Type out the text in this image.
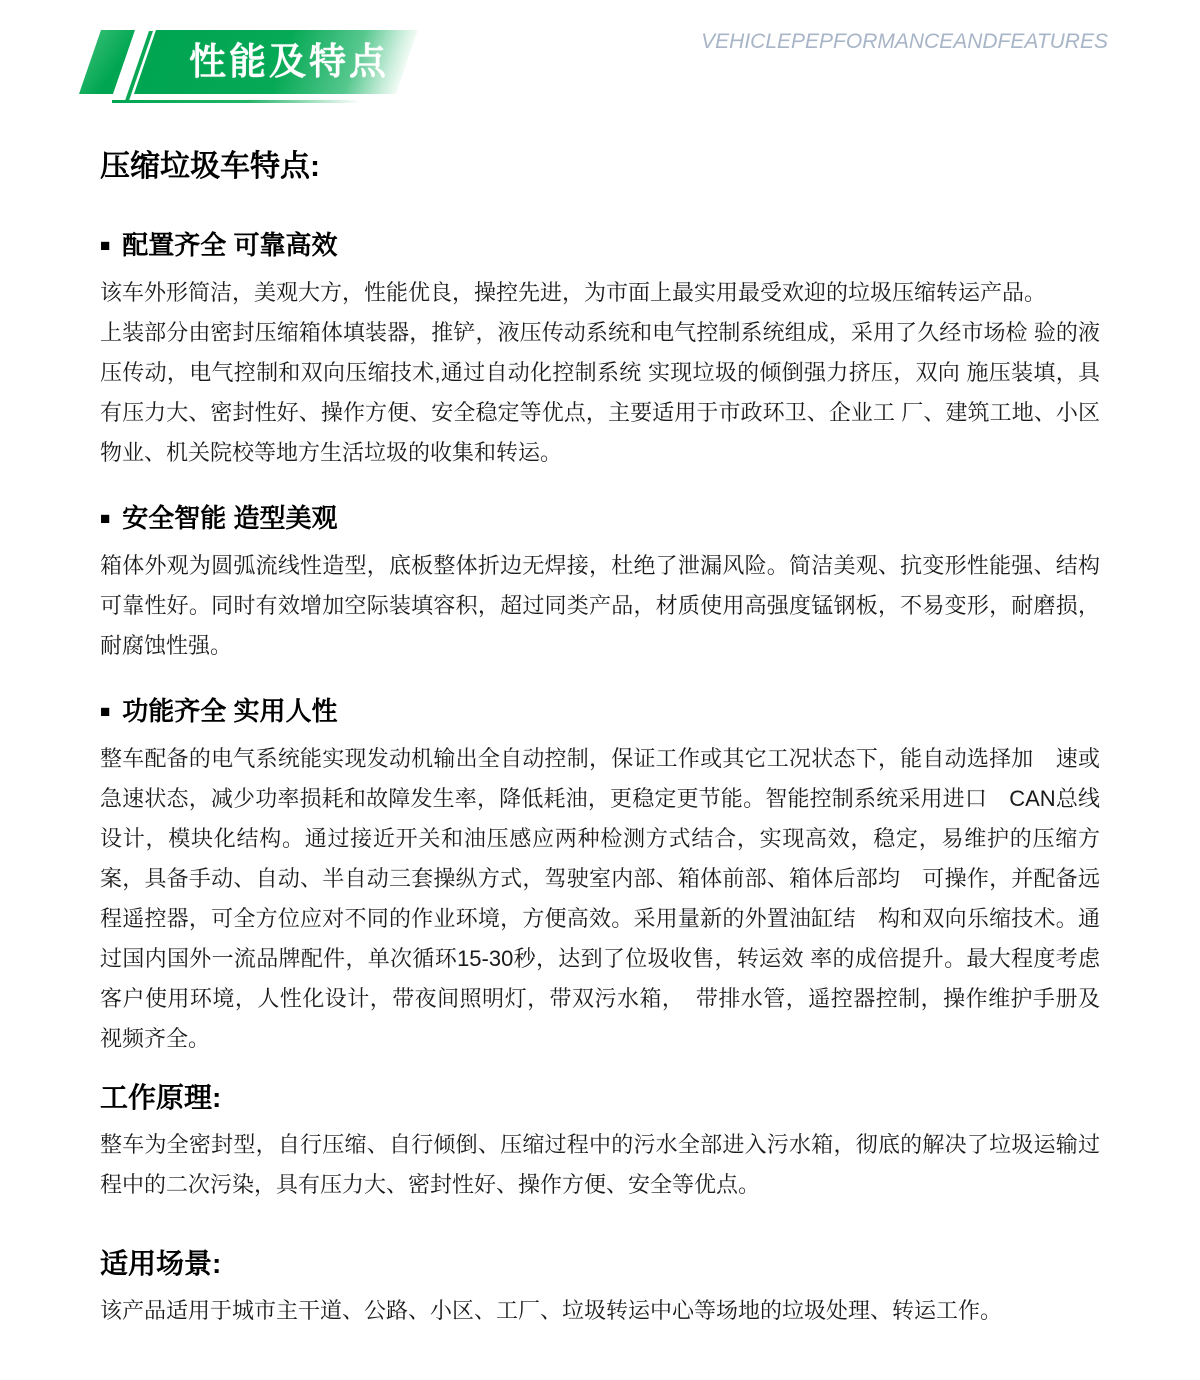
性能及特点	VEHICLEPEPFORMANCEANDFEATURES
压缩垃圾车特点:
■ 配置齐全 可靠高效

该车外形简洁，美观大方，性能优良，操控先进，为市面上最实用最受欢迎的垃圾压缩转运产品。

上装部分由密封压缩箱体填装器，推铲，液压传动系统和电气控制系统组成，采用了久经市场检 验的液压传动，电气控制和双向压缩技术,通过自动化控制系统 实现垃圾的倾倒强力挤压，双向 施压装填，具有压力大、密封性好、操作方便、安全稳定等优点，主要适用于市政环卫、企业工 厂、建筑工地、小区物业、机关院校等地方生活垃圾的收集和转运。

■ 安全智能 造型美观

箱体外观为圆弧流线性造型，底板整体折边无焊接，杜绝了泄漏风险。简洁美观、抗变形性能强、结构可靠性好。同时有效增加空际装填容积，超过同类产品，材质使用高强度锰钢板，不易变形，耐磨损，耐腐蚀性强。

■ 功能齐全 实用人性

整车配备的电气系统能实现发动机输出全自动控制，保证工作或其它工况状态下，能自动选择加　速或急速状态，减少功率损耗和故障发生率，降低耗油，更稳定更节能。智能控制系统采用进口　CAN总线设计，模块化结构。通过接近开关和油压感应两种检测方式结合，实现高效，稳定，易维护的压缩方案，具备手动、自动、半自动三套操纵方式，驾驶室内部、箱体前部、箱体后部均　可操作，并配备远程遥控器，可全方位应对不同的作业环境，方便高效。采用量新的外置油缸结　构和双向乐缩技术。通过国内国外一流品牌配件，单次循环15-30秒，达到了位圾收售，转运效 率的成倍提升。最大程度考虑客户使用环境，人性化设计，带夜间照明灯，带双污水箱，　带排水管，遥控器控制，操作维护手册及视频齐全。

工作原理:

整车为全密封型，自行压缩、自行倾倒、压缩过程中的污水全部进入污水箱，彻底的解决了垃圾运输过程中的二次污染，具有压力大、密封性好、操作方便、安全等优点。

适用场景:

该产品适用于城市主干道、公路、小区、工厂、垃圾转运中心等场地的垃圾处理、转运工作。
